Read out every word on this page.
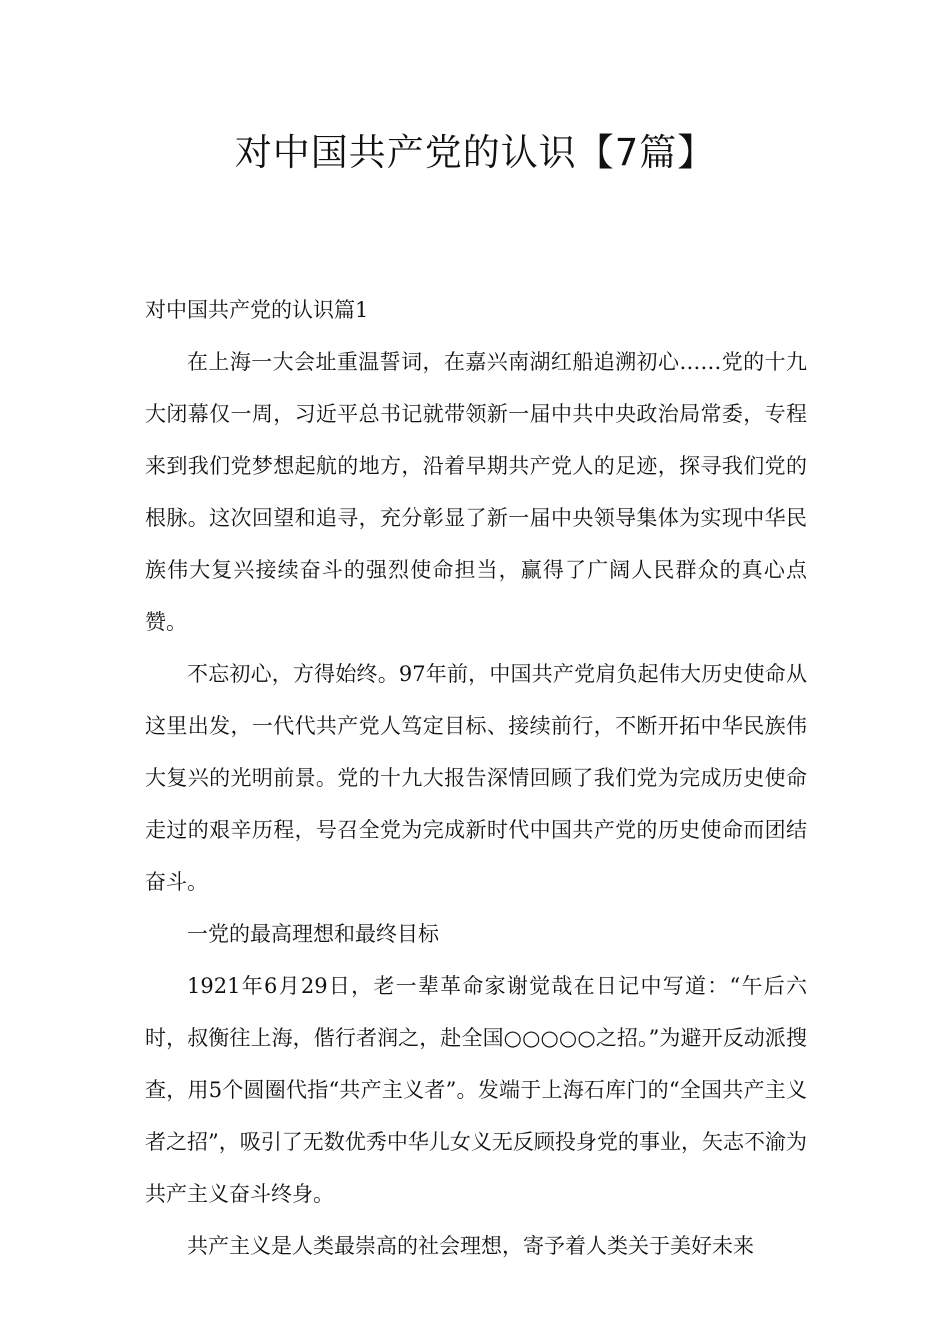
对中国共产党的认识【7篇】

对中国共产党的认识篇1

在上海一大会址重温誓词，在嘉兴南湖红船追溯初心……党的十九大闭幕仅一周，习近平总书记就带领新一届中共中央政治局常委，专程来到我们党梦想起航的地方，沿着早期共产党人的足迹，探寻我们党的根脉。这次回望和追寻，充分彰显了新一届中央领导集体为实现中华民族伟大复兴接续奋斗的强烈使命担当，赢得了广阔人民群众的真心点赞。

不忘初心，方得始终。97年前，中国共产党肩负起伟大历史使命从这里出发，一代代共产党人笃定目标、接续前行，不断开拓中华民族伟大复兴的光明前景。党的十九大报告深情回顾了我们党为完成历史使命走过的艰辛历程，号召全党为完成新时代中国共产党的历史使命而团结奋斗。

一党的最高理想和最终目标

1921年6月29日，老一辈革命家谢觉哉在日记中写道：“午后六时，叔衡往上海，偕行者润之，赴全国○○○○○之招。”为避开反动派搜查，用5个圆圈代指“共产主义者”。发端于上海石库门的“全国共产主义者之招”，吸引了无数优秀中华儿女义无反顾投身党的事业，矢志不渝为共产主义奋斗终身。

共产主义是人类最崇高的社会理想，寄予着人类关于美好未来
